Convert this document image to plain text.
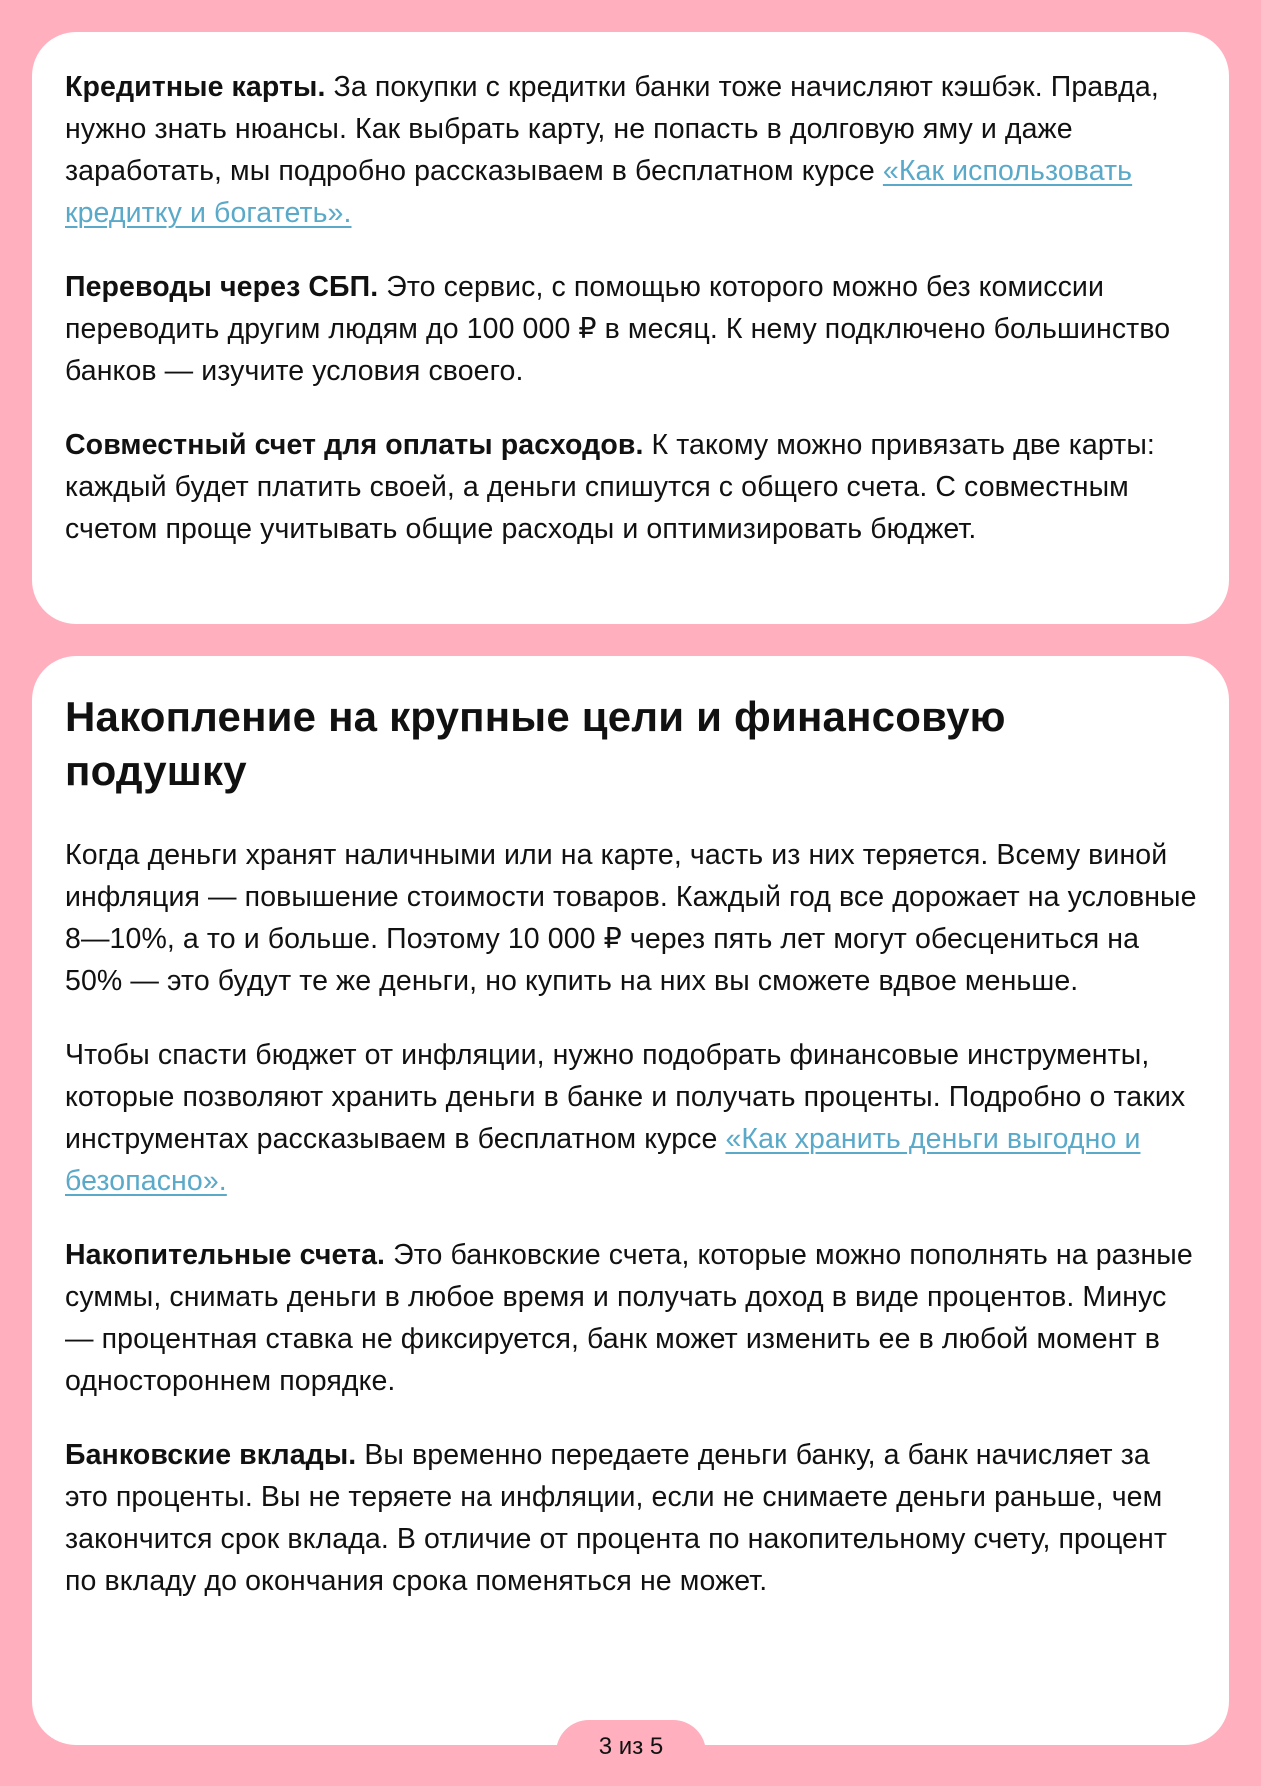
Кредитные карты. За покупки с кредитки банки тоже начисляют кэшбэк. Правда, нужно знать нюансы. Как выбрать карту, не попасть в долговую яму и даже заработать, мы подробно рассказываем в бесплатном курсе «Как использовать кредитку и богатеть».

Переводы через СБП. Это сервис, с помощью которого можно без комиссии переводить другим людям до 100 000 ₽ в месяц. К нему подключено большинство банков — изучите условия своего.

Совместный счет для оплаты расходов. К такому можно привязать две карты: каждый будет платить своей, а деньги спишутся с общего счета. С совместным счетом проще учитывать общие расходы и оптимизировать бюджет.

Накопление на крупные цели и финансовую подушку

Когда деньги хранят наличными или на карте, часть из них теряется. Всему виной инфляция — повышение стоимости товаров. Каждый год все дорожает на условные 8—10%, а то и больше. Поэтому 10 000 ₽ через пять лет могут обесцениться на 50% — это будут те же деньги, но купить на них вы сможете вдвое меньше.

Чтобы спасти бюджет от инфляции, нужно подобрать финансовые инструменты, которые позволяют хранить деньги в банке и получать проценты. Подробно о таких инструментах рассказываем в бесплатном курсе «Как хранить деньги выгодно и безопасно».

Накопительные счета. Это банковские счета, которые можно пополнять на разные суммы, снимать деньги в любое время и получать доход в виде процентов. Минус — процентная ставка не фиксируется, банк может изменить ее в любой момент в одностороннем порядке.

Банковские вклады. Вы временно передаете деньги банку, а банк начисляет за это проценты. Вы не теряете на инфляции, если не снимаете деньги раньше, чем закончится срок вклада. В отличие от процента по накопительному счету, процент по вкладу до окончания срока поменяться не может.

3 из 5
